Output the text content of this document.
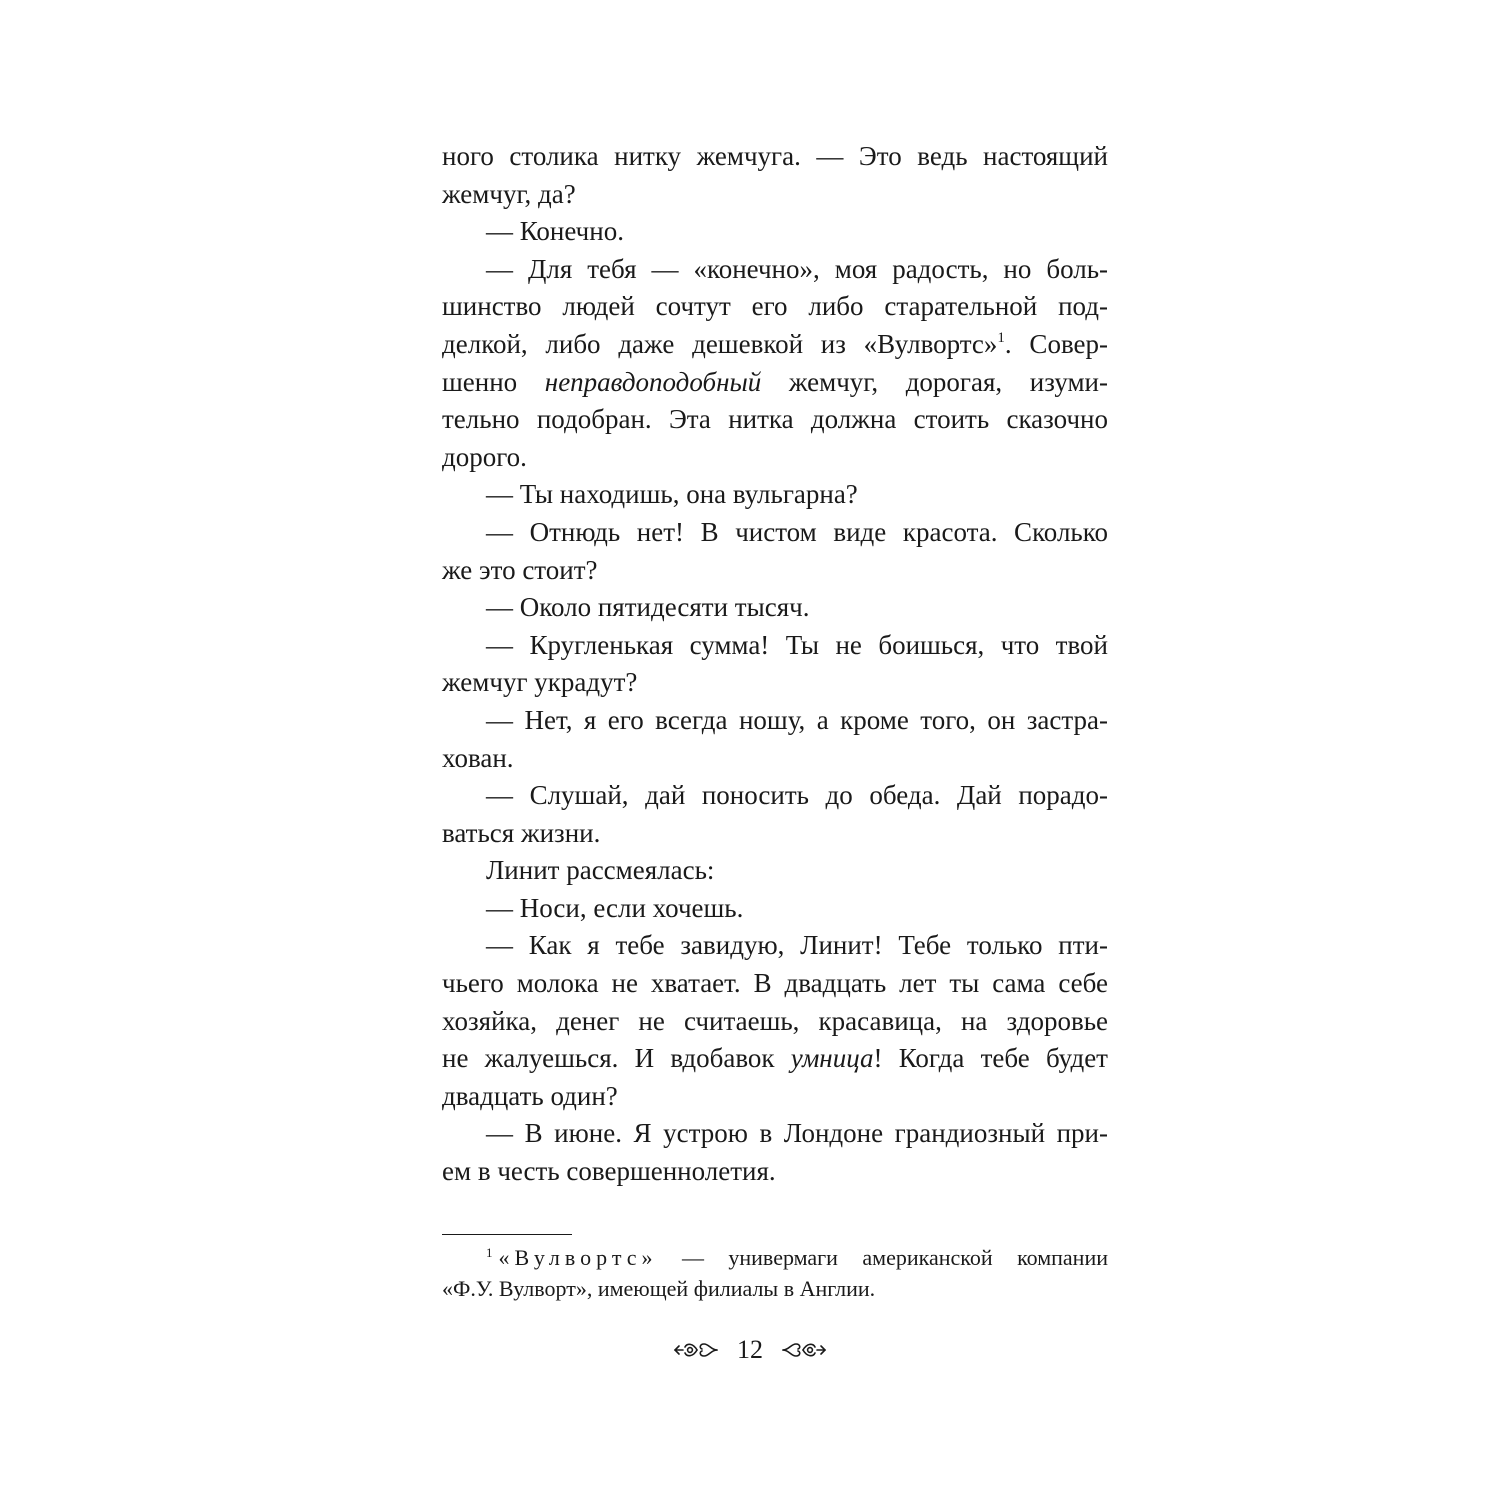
ного столика нитку жемчуга. — Это ведь настоящий
жемчуг, да?
— Конечно.
— Для тебя — «конечно», моя радость, но боль-
шинство людей сочтут его либо старательной под-
делкой, либо даже дешевкой из «Вулвортс»$^1$. Совер-
шенно неправдоподобный жемчуг, дорогая, изуми-
тельно подобран. Эта нитка должна стоить сказочно
дорого.
— Ты находишь, она вульгарна?
— Отнюдь нет! В чистом виде красота. Сколько
же это стоит?
— Около пятидесяти тысяч.
— Кругленькая сумма! Ты не боишься, что твой
жемчуг украдут?
— Нет, я его всегда ношу, а кроме того, он застра-
хован.
— Слушай, дай поносить до обеда. Дай порадо-
ваться жизни.
Линит рассмеялась:
— Носи, если хочешь.
— Как я тебе завидую, Линит! Тебе только пти-
чьего молока не хватает. В двадцать лет ты сама себе
хозяйка, денег не считаешь, красавица, на здоровье
не жалуешься. И вдобавок умница! Когда тебе будет
двадцать один?
— В июне. Я устрою в Лондоне грандиозный при-
ем в честь совершеннолетия.
$^1$ «Вулвортс» — универмаги американской компании
«Ф.У. Вулворт», имеющей филиалы в Англии.
12
